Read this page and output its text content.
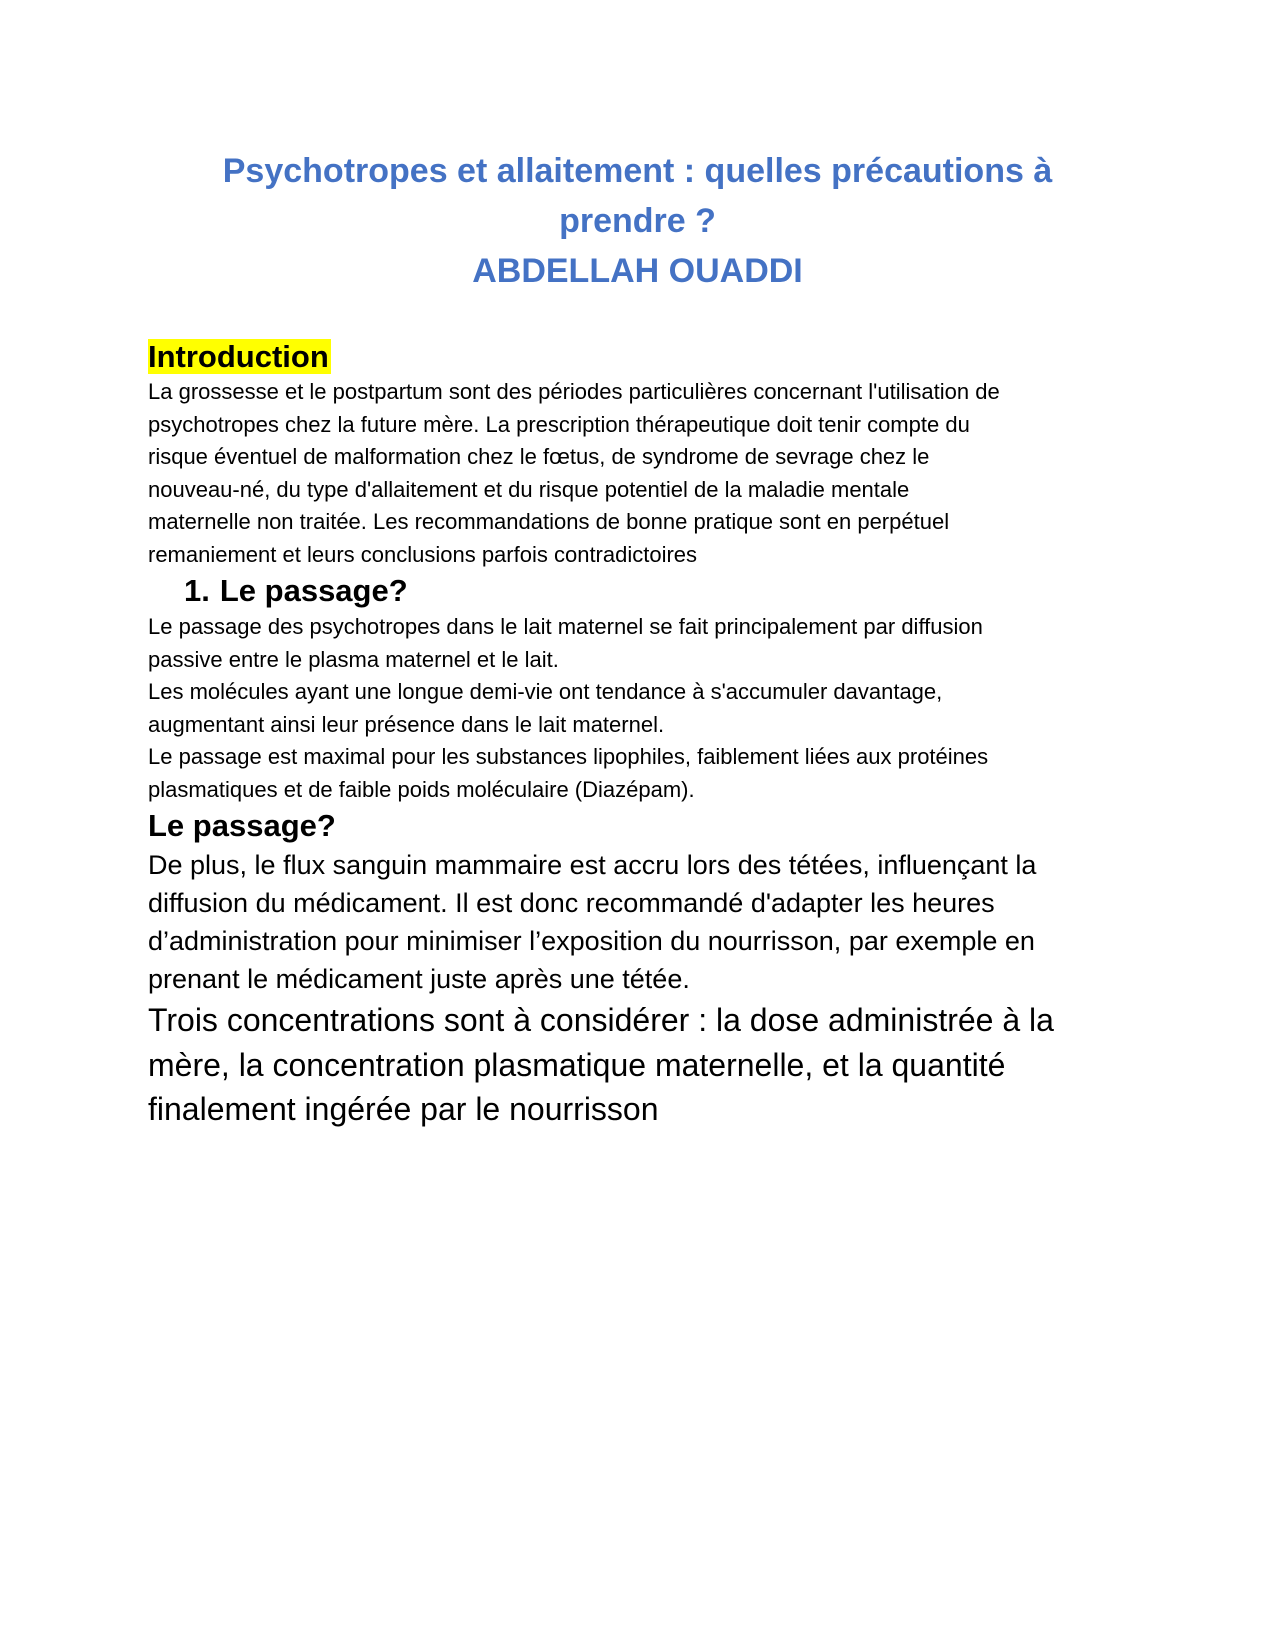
Psychotropes et allaitement : quelles précautions à
prendre ?
ABDELLAH OUADDI

Introduction

La grossesse et le postpartum sont des périodes particulières concernant l'utilisation de

psychotropes chez la future mère. La prescription thérapeutique doit tenir compte du

risque éventuel de malformation chez le fœtus, de syndrome de sevrage chez le

nouveau-né, du type d'allaitement et du risque potentiel de la maladie mentale

maternelle non traitée. Les recommandations de bonne pratique sont en perpétuel

remaniement et leurs conclusions parfois contradictoires

1. Le passage?

Le passage des psychotropes dans le lait maternel se fait principalement par diffusion

passive entre le plasma maternel et le lait.

Les molécules ayant une longue demi-vie ont tendance à s'accumuler davantage,

augmentant ainsi leur présence dans le lait maternel.

Le passage est maximal pour les substances lipophiles, faiblement liées aux protéines

plasmatiques et de faible poids moléculaire (Diazépam).

Le passage?

De plus, le flux sanguin mammaire est accru lors des tétées, influençant la

diffusion du médicament. Il est donc recommandé d'adapter les heures

d’administration pour minimiser l’exposition du nourrisson, par exemple en

prenant le médicament juste après une tétée.

Trois concentrations sont à considérer : la dose administrée à la

mère, la concentration plasmatique maternelle, et la quantité

finalement ingérée par le nourrisson
